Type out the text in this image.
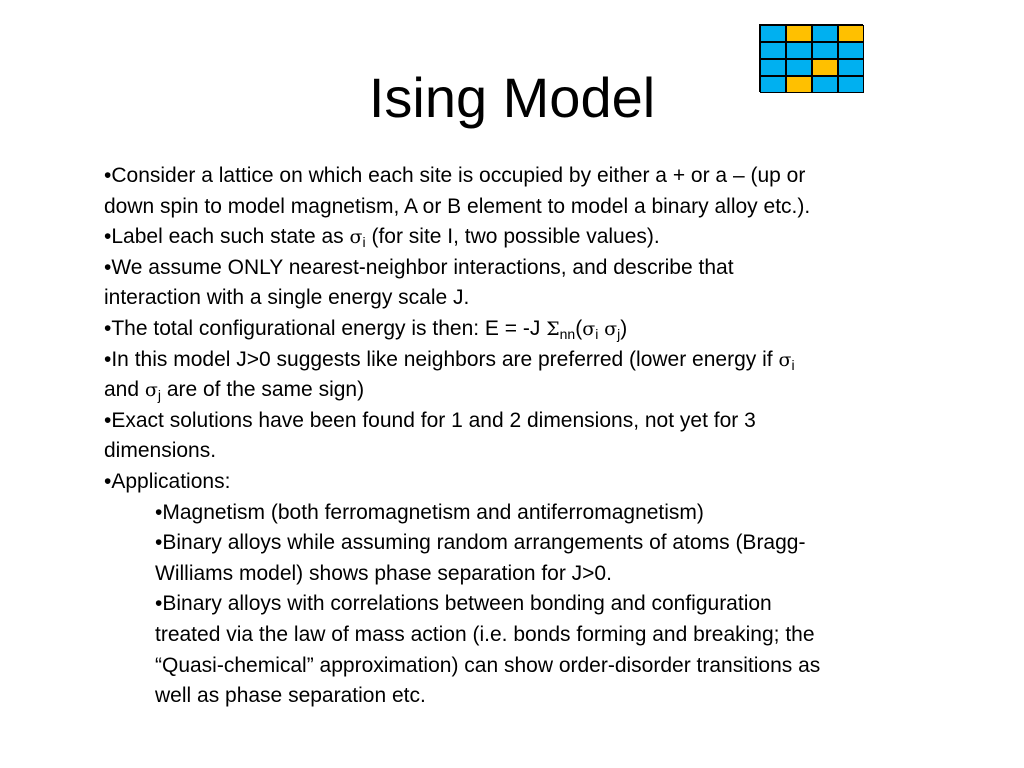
Ising Model
•Consider a lattice on which each site is occupied by either a + or a – (up or
down spin to model magnetism, A or B element to model a binary alloy etc.).
•Label each such state as $\sigma_i$ (for site I, two possible values).
•We assume ONLY nearest-neighbor interactions, and describe that
interaction with a single energy scale J.
•The total configurational energy is then: E = -J $\Sigma_{nn}(\sigma_i$ $\sigma_j$)
•In this model J>0 suggests like neighbors are preferred (lower energy if $\sigma_i$
and $\sigma_j$ are of the same sign)
•Exact solutions have been found for 1 and 2 dimensions, not yet for 3
dimensions.
•Applications:
•Magnetism (both ferromagnetism and antiferromagnetism)
•Binary alloys while assuming random arrangements of atoms (Bragg-
Williams model) shows phase separation for J>0.
•Binary alloys with correlations between bonding and configuration
treated via the law of mass action (i.e. bonds forming and breaking; the
“Quasi-chemical” approximation) can show order-disorder transitions as
well as phase separation etc.
